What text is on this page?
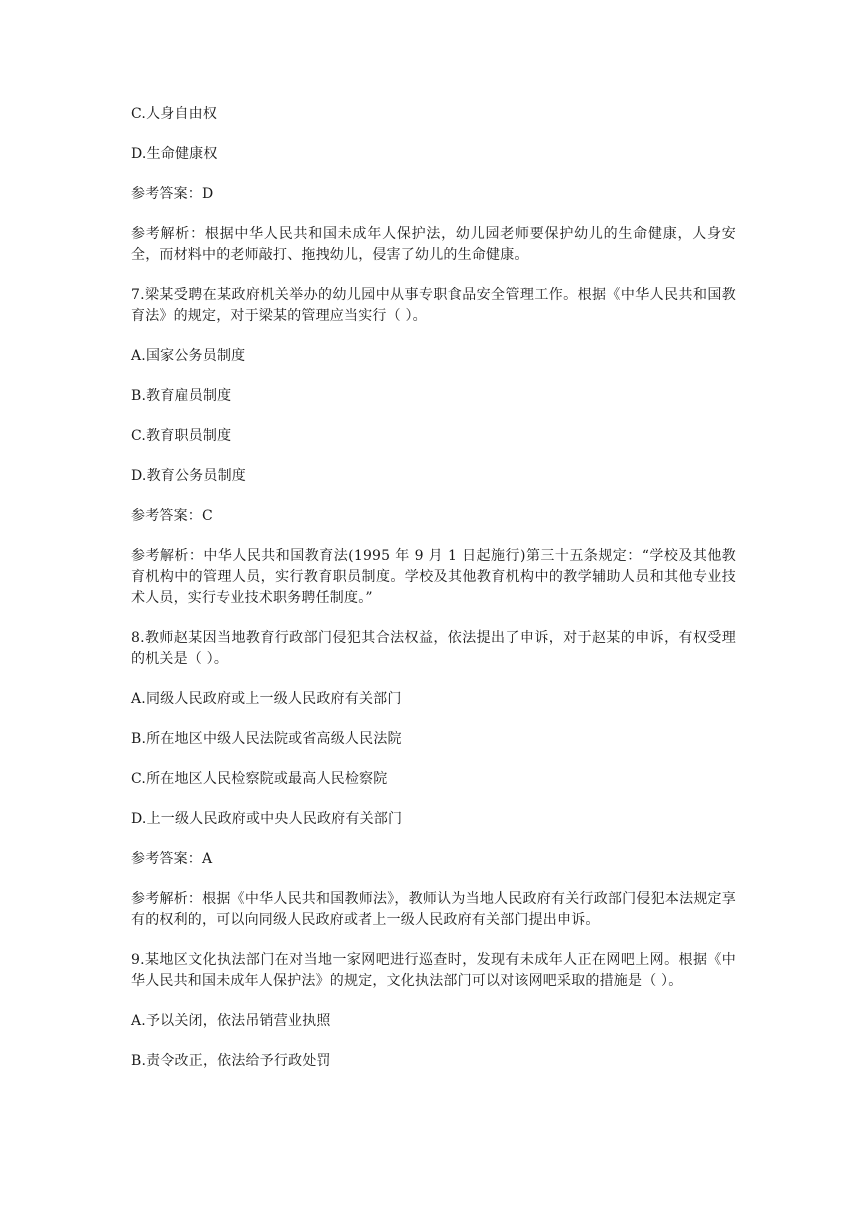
C.人身自由权

D.生命健康权

参考答案：D

参考解析：根据中华人民共和国未成年人保护法，幼儿园老师要保护幼儿的生命健康，人身安全，而材料中的老师敲打、拖拽幼儿，侵害了幼儿的生命健康。

7.梁某受聘在某政府机关举办的幼儿园中从事专职食品安全管理工作。根据《中华人民共和国教育法》的规定，对于梁某的管理应当实行（ ）。

A.国家公务员制度

B.教育雇员制度

C.教育职员制度

D.教育公务员制度

参考答案：C

参考解析：中华人民共和国教育法(1995 年 9 月 1 日起施行)第三十五条规定：“学校及其他教育机构中的管理人员，实行教育职员制度。学校及其他教育机构中的教学辅助人员和其他专业技术人员，实行专业技术职务聘任制度。”

8.教师赵某因当地教育行政部门侵犯其合法权益，依法提出了申诉，对于赵某的申诉，有权受理的机关是（ ）。

A.同级人民政府或上一级人民政府有关部门

B.所在地区中级人民法院或省高级人民法院

C.所在地区人民检察院或最高人民检察院

D.上一级人民政府或中央人民政府有关部门

参考答案：A

参考解析：根据《中华人民共和国教师法》，教师认为当地人民政府有关行政部门侵犯本法规定享有的权利的，可以向同级人民政府或者上一级人民政府有关部门提出申诉。

9.某地区文化执法部门在对当地一家网吧进行巡查时，发现有未成年人正在网吧上网。根据《中华人民共和国未成年人保护法》的规定，文化执法部门可以对该网吧采取的措施是（ ）。

A.予以关闭，依法吊销营业执照

B.责令改正，依法给予行政处罚
